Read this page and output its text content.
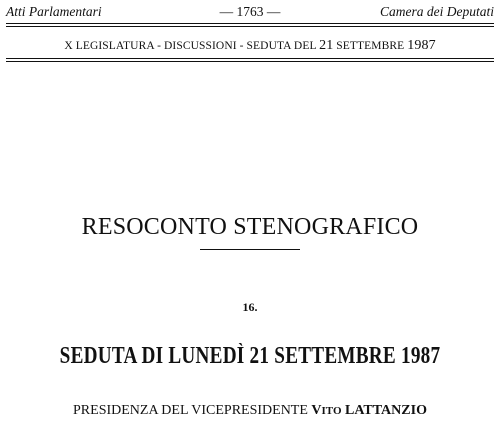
Atti Parlamentari	— 1763 —	Camera dei Deputati
X LEGISLATURA - DISCUSSIONI - SEDUTA DEL 21 SETTEMBRE 1987
RESOCONTO STENOGRAFICO
16.
SEDUTA DI LUNEDÌ 21 SETTEMBRE 1987
PRESIDENZA DEL VICEPRESIDENTE VITO LATTANZIO
